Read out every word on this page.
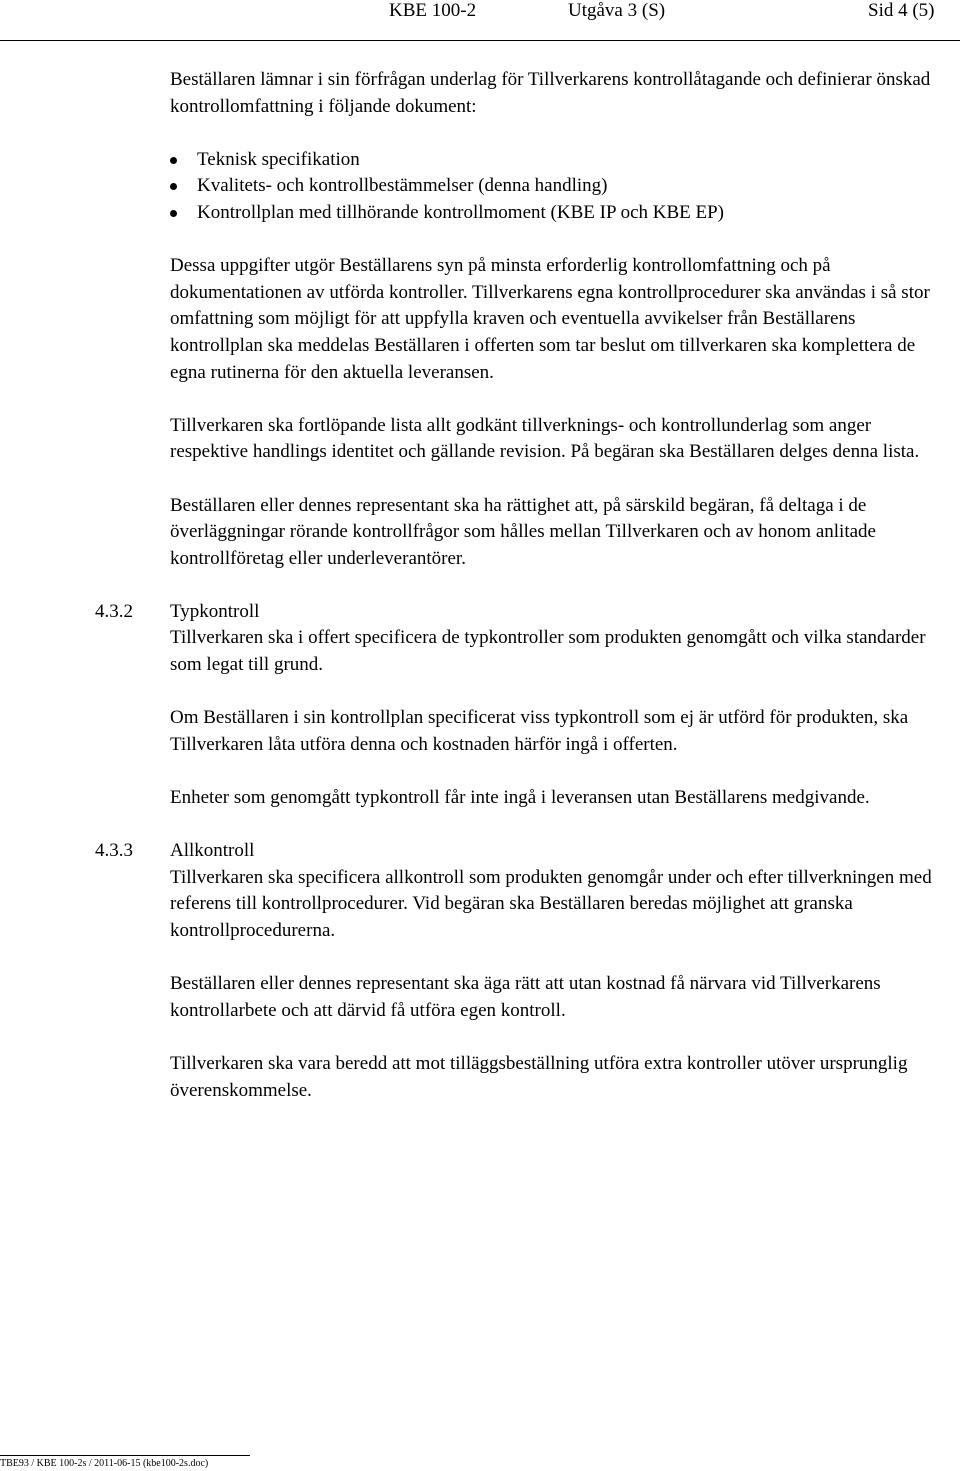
KBE 100-2	Utgåva 3 (S)	Sid 4 (5)

Beställaren lämnar i sin förfrågan underlag för Tillverkarens kontrollåtagande och definierar önskad kontrollomfattning i följande dokument:

Teknisk specifikation
Kvalitets- och kontrollbestämmelser (denna handling)
Kontrollplan med tillhörande kontrollmoment (KBE IP och KBE EP)

Dessa uppgifter utgör Beställarens syn på minsta erforderlig kontrollomfattning och på dokumentationen av utförda kontroller. Tillverkarens egna kontrollprocedurer ska användas i så stor omfattning som möjligt för att uppfylla kraven och eventuella avvikelser från Beställarens kontrollplan ska meddelas Beställaren i offerten som tar beslut om tillverkaren ska komplettera de egna rutinerna för den aktuella leveransen.

Tillverkaren ska fortlöpande lista allt godkänt tillverknings- och kontrollunderlag som anger respektive handlings identitet och gällande revision. På begäran ska Beställaren delges denna lista.

Beställaren eller dennes representant ska ha rättighet att, på särskild begäran, få deltaga i de överläggningar rörande kontrollfrågor som hålles mellan Tillverkaren och av honom anlitade kontrollföretag eller underleverantörer.

4.3.2 Typkontroll

Tillverkaren ska i offert specificera de typkontroller som produkten genomgått och vilka standarder som legat till grund.

Om Beställaren i sin kontrollplan specificerat viss typkontroll som ej är utförd för produkten, ska Tillverkaren låta utföra denna och kostnaden härför ingå i offerten.

Enheter som genomgått typkontroll får inte ingå i leveransen utan Beställarens medgivande.

4.3.3 Allkontroll

Tillverkaren ska specificera allkontroll som produkten genomgår under och efter tillverkningen med referens till kontrollprocedurer. Vid begäran ska Beställaren beredas möjlighet att granska kontrollprocedurerna.

Beställaren eller dennes representant ska äga rätt att utan kostnad få närvara vid Tillverkarens kontrollarbete och att därvid få utföra egen kontroll.

Tillverkaren ska vara beredd att mot tilläggsbeställning utföra extra kontroller utöver ursprunglig överenskommelse.

TBE93 / KBE 100-2s / 2011-06-15 (kbe100-2s.doc)
